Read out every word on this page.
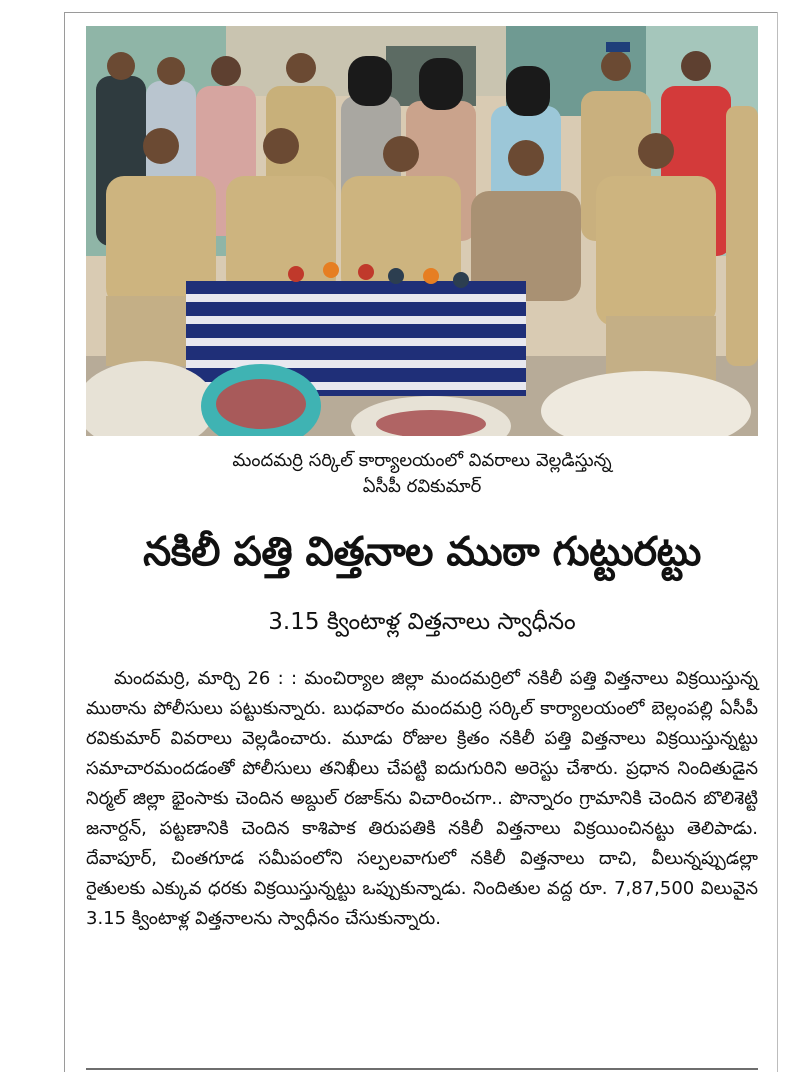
మందమర్రి సర్కిల్ కార్యాలయంలో వివరాలు వెల్లడిస్తున్న
ఏసీపీ రవికుమార్
నకిలీ పత్తి విత్తనాల ముఠా గుట్టురట్టు
3.15 క్వింటాళ్ల విత్తనాలు స్వాధీనం

మందమర్రి, మార్చి 26 : : మంచిర్యాల జిల్లా మందమర్రిలో నకిలీ పత్తి విత్తనాలు విక్రయిస్తున్న ముఠాను పోలీసులు పట్టుకున్నారు. బుధవారం మందమర్రి సర్కిల్ కార్యాలయంలో బెల్లంపల్లి ఏసీపీ రవికుమార్ వివరాలు వెల్లడించారు. మూడు రోజుల క్రితం నకిలీ పత్తి విత్తనాలు విక్రయిస్తున్నట్టు సమాచారమందడంతో పోలీసులు తనిఖీలు చేపట్టి ఐదుగురిని అరెస్టు చేశారు. ప్రధాన నిందితుడైన నిర్మల్ జిల్లా భైంసాకు చెందిన అబ్దుల్ రజాక్‌ను విచారించగా.. పొన్నారం గ్రామానికి చెందిన బొలిశెట్టి జనార్దన్, పట్టణానికి చెందిన కాశిపాక తిరుపతికి నకిలీ విత్తనాలు విక్రయించినట్టు తెలిపాడు. దేవాపూర్, చింతగూడ సమీపంలోని సల్పలవాగులో నకిలీ విత్తనాలు దాచి, వీలున్నప్పుడల్లా రైతులకు ఎక్కువ ధరకు విక్రయిస్తున్నట్టు ఒప్పుకున్నాడు. నిందితుల వద్ద రూ. 7,87,500 విలువైన 3.15 క్వింటాళ్ల విత్తనాలను స్వాధీనం చేసుకున్నారు.
